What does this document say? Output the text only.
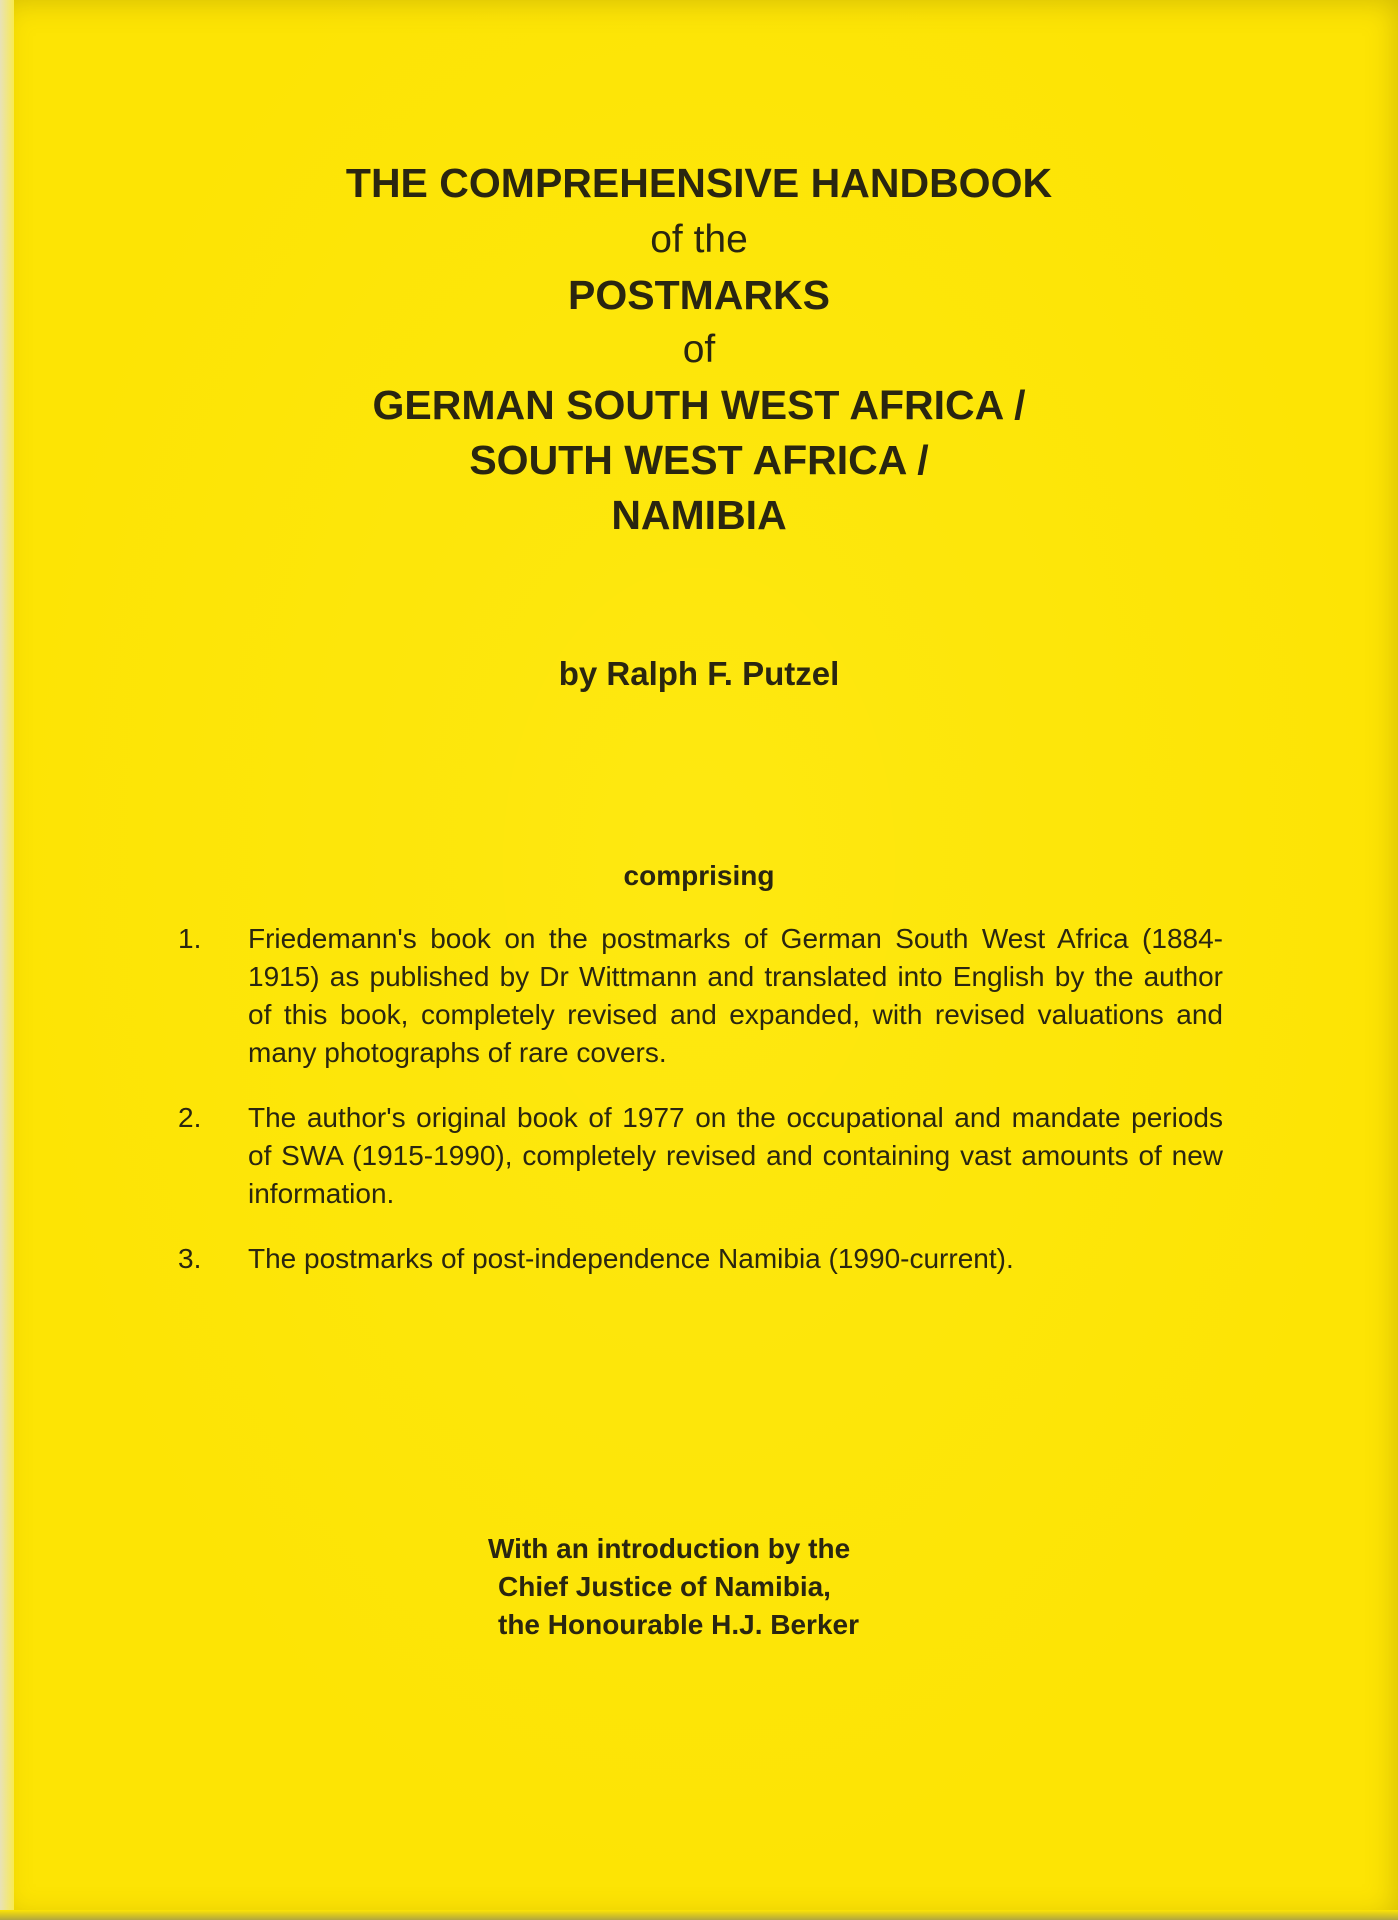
THE COMPREHENSIVE HANDBOOK
of the
POSTMARKS
of
GERMAN SOUTH WEST AFRICA /
SOUTH WEST AFRICA /
NAMIBIA
by Ralph F. Putzel
comprising
1. Friedemann's book on the postmarks of German South West Africa (1884-1915) as published by Dr Wittmann and translated into English by the author of this book, completely revised and expanded, with revised valuations and many photographs of rare covers.
2. The author's original book of 1977 on the occupational and mandate periods of SWA (1915-1990), completely revised and containing vast amounts of new information.
3. The postmarks of post-independence Namibia (1990-current).
With an introduction by the
Chief Justice of Namibia,
the Honourable H.J. Berker
